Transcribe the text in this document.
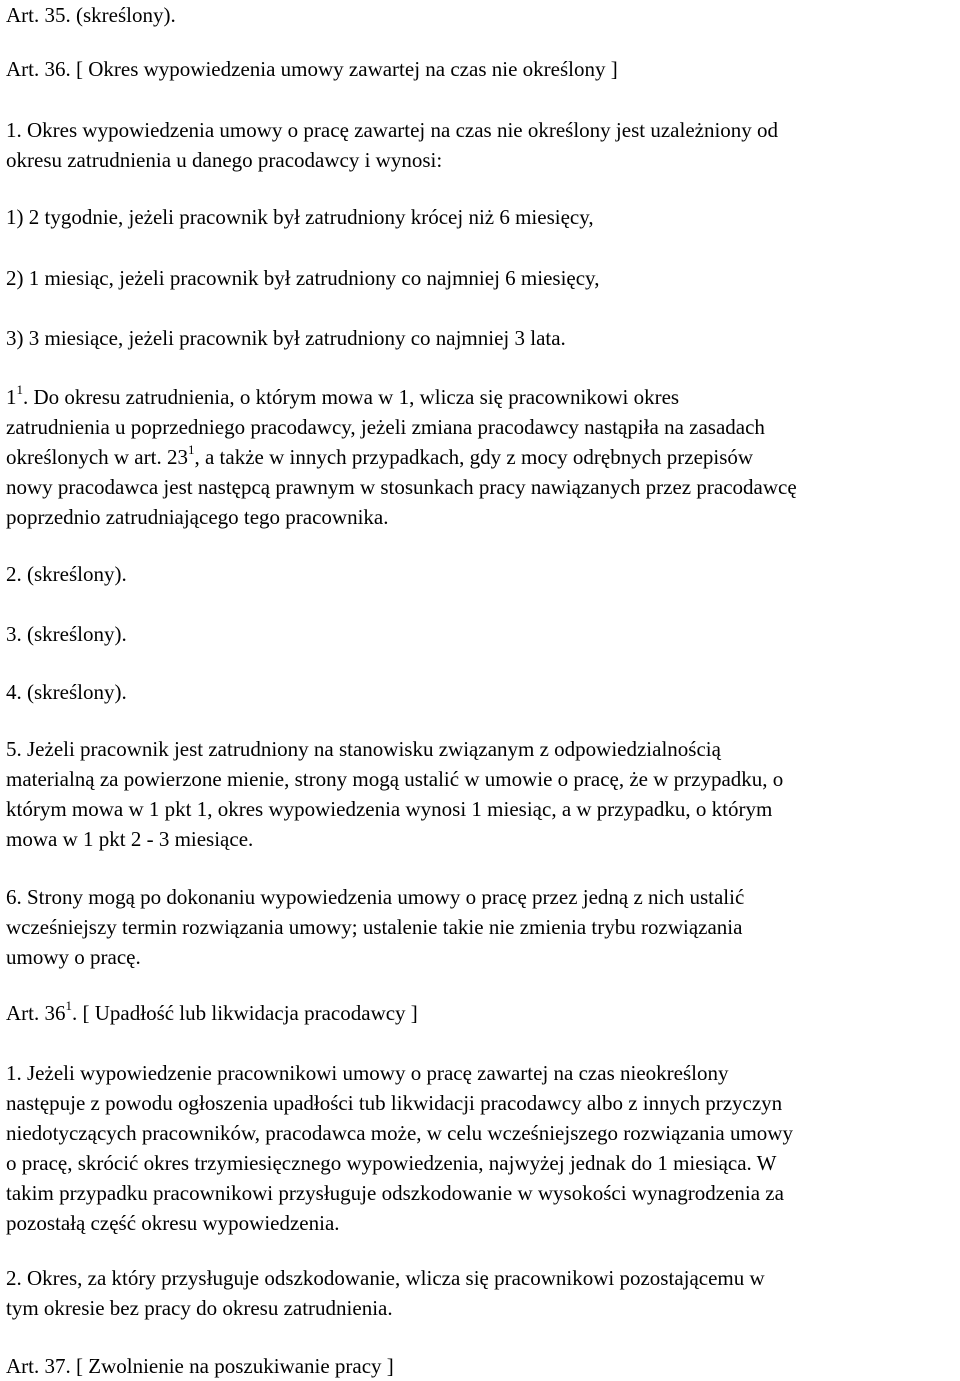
Art. 35. (skreślony).

Art. 36. [ Okres wypowiedzenia umowy zawartej na czas nie określony ]

1. Okres wypowiedzenia umowy o pracę zawartej na czas nie określony jest uzależniony od
okresu zatrudnienia u danego pracodawcy i wynosi:

1) 2 tygodnie, jeżeli pracownik był zatrudniony krócej niż 6 miesięcy,

2) 1 miesiąc, jeżeli pracownik był zatrudniony co najmniej 6 miesięcy,

3) 3 miesiące, jeżeli pracownik był zatrudniony co najmniej 3 lata.

$1^1$. Do okresu zatrudnienia, o którym mowa w 1, wlicza się pracownikowi okres
zatrudnienia u poprzedniego pracodawcy, jeżeli zmiana pracodawcy nastąpiła na zasadach
określonych w art. $23^1$, a także w innych przypadkach, gdy z mocy odrębnych przepisów
nowy pracodawca jest następcą prawnym w stosunkach pracy nawiązanych przez pracodawcę
poprzednio zatrudniającego tego pracownika.

2. (skreślony).

3. (skreślony).

4. (skreślony).

5. Jeżeli pracownik jest zatrudniony na stanowisku związanym z odpowiedzialnością
materialną za powierzone mienie, strony mogą ustalić w umowie o pracę, że w przypadku, o
którym mowa w 1 pkt 1, okres wypowiedzenia wynosi 1 miesiąc, a w przypadku, o którym
mowa w 1 pkt 2 - 3 miesiące.

6. Strony mogą po dokonaniu wypowiedzenia umowy o pracę przez jedną z nich ustalić
wcześniejszy termin rozwiązania umowy; ustalenie takie nie zmienia trybu rozwiązania
umowy o pracę.

Art. $36^1$. [ Upadłość lub likwidacja pracodawcy ]

1. Jeżeli wypowiedzenie pracownikowi umowy o pracę zawartej na czas nieokreślony
następuje z powodu ogłoszenia upadłości tub likwidacji pracodawcy albo z innych przyczyn
niedotyczących pracowników, pracodawca może, w celu wcześniejszego rozwiązania umowy
o pracę, skrócić okres trzymiesięcznego wypowiedzenia, najwyżej jednak do 1 miesiąca. W
takim przypadku pracownikowi przysługuje odszkodowanie w wysokości wynagrodzenia za
pozostałą część okresu wypowiedzenia.

2. Okres, za który przysługuje odszkodowanie, wlicza się pracownikowi pozostającemu w
tym okresie bez pracy do okresu zatrudnienia.

Art. 37. [ Zwolnienie na poszukiwanie pracy ]
